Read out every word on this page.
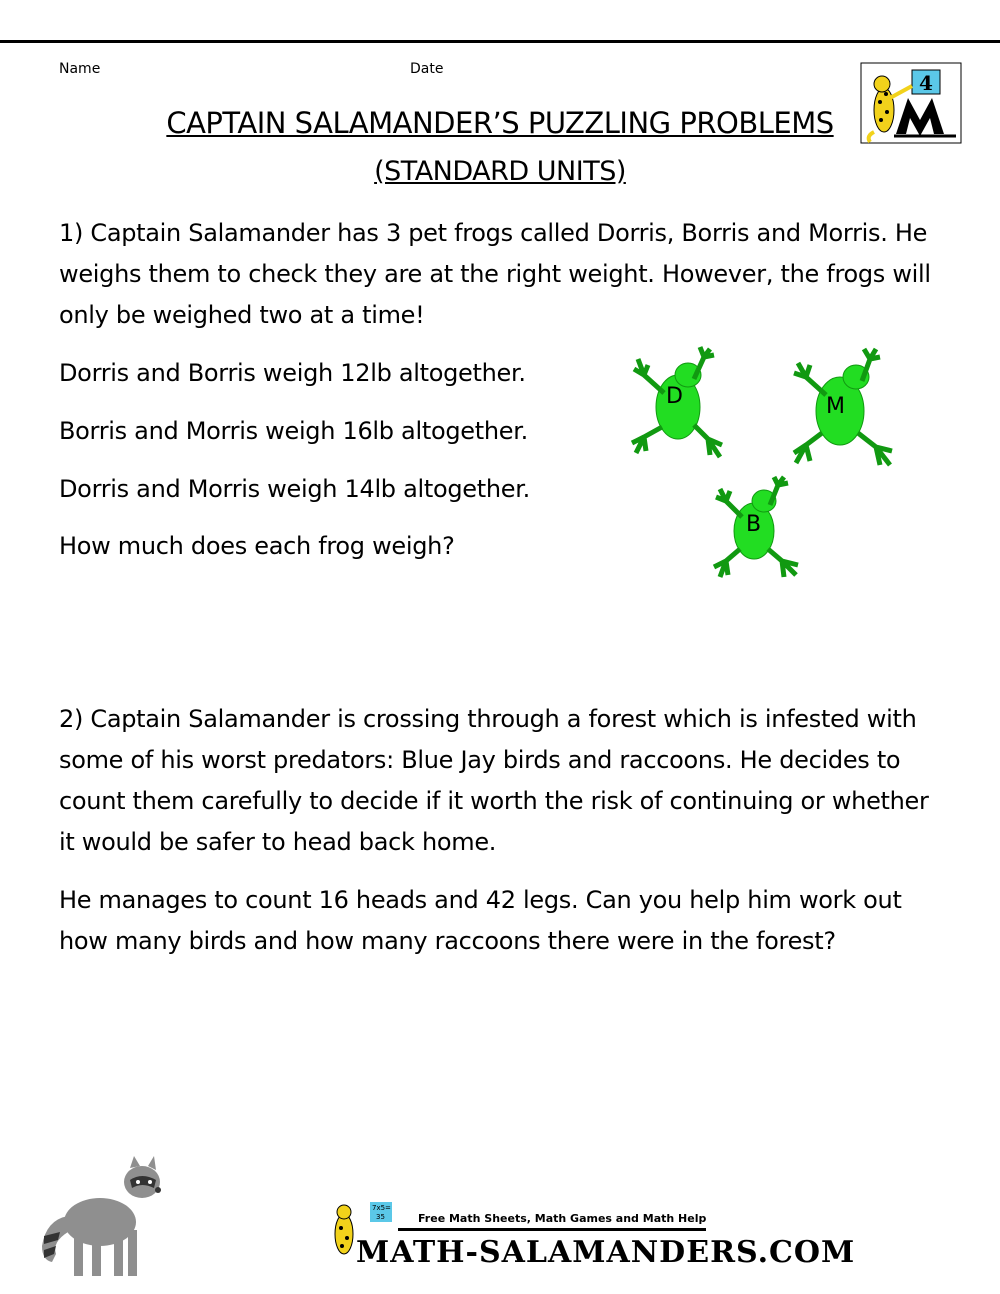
Name	Date
4
CAPTAIN SALAMANDER’S PUZZLING PROBLEMS
(STANDARD UNITS)

1) Captain Salamander has 3 pet frogs called Dorris, Borris and Morris. He weighs them to check they are at the right weight. However, the frogs will only be weighed two at a time!

Dorris and Borris weigh 12lb altogether.

Borris and Morris weigh 16lb altogether.

Dorris and Morris weigh 14lb altogether.

How much does each frog weigh?

D	M
B

2) Captain Salamander is crossing through a forest which is infested with some of his worst predators: Blue Jay birds and raccoons. He decides to count them carefully to decide if it worth the risk of continuing or whether it would be safer to head back home.

He manages to count 16 heads and 42 legs. Can you help him work out how many birds and how many raccoons there were in the forest?

7x5=
35	Free Math Sheets, Math Games and Math Help
MATH-SALAMANDERS.COM
